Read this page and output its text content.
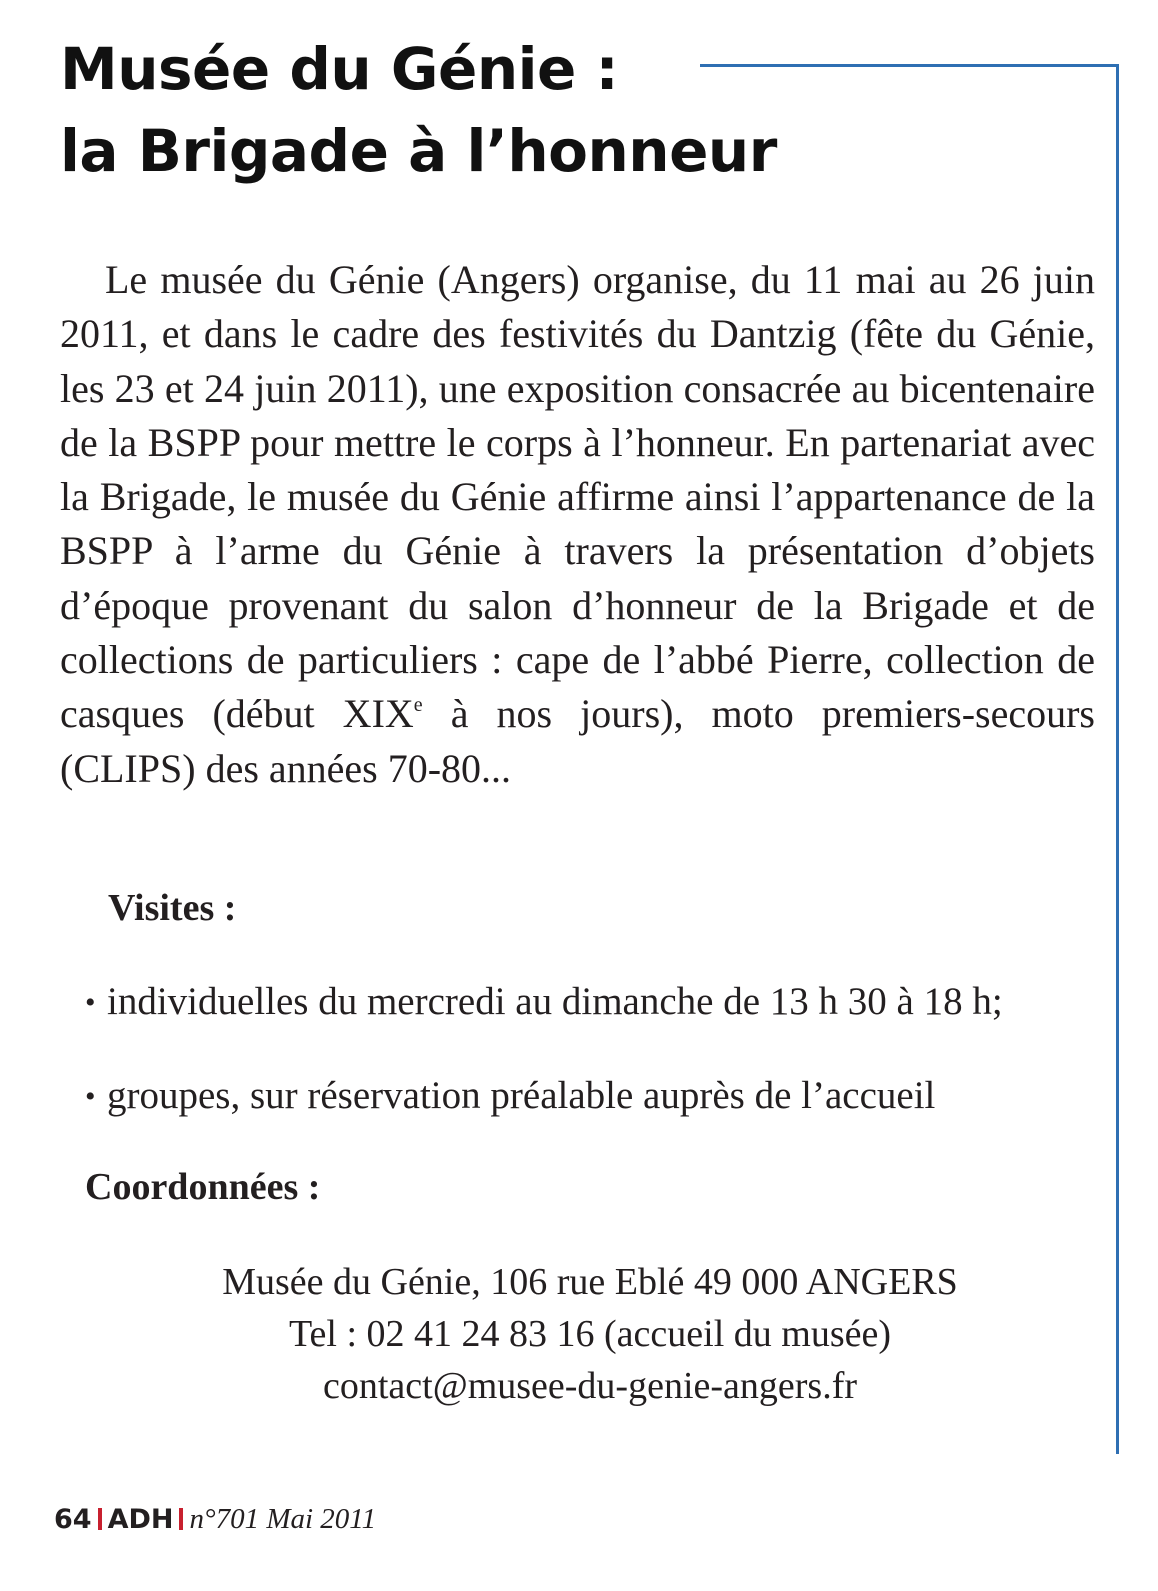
Musée du Génie :
la Brigade à l’honneur

Le musée du Génie (Angers) organise, du 11 mai au 26 juin 2011, et dans le cadre des festivités du Dantzig (fête du Génie, les 23 et 24 juin 2011), une exposition consacrée au bicentenaire de la BSPP pour mettre le corps à l’honneur. En partenariat avec la Brigade, le musée du Génie affirme ainsi l’appartenance de la BSPP à l’arme du Génie à travers la présentation d’objets d’époque provenant du salon d’honneur de la Brigade et de collections de particuliers : cape de l’abbé Pierre, collection de casques (début XIXe à nos jours), moto premiers-secours (CLIPS) des années 70-80...

Visites :
• individuelles du mercredi au dimanche de 13 h 30 à 18 h;
• groupes, sur réservation préalable auprès de l’accueil
Coordonnées :
Musée du Génie, 106 rue Eblé 49 000 ANGERS
Tel : 02 41 24 83 16 (accueil du musée)
contact@musee-du-genie-angers.fr
64 ADH n°701 Mai 2011
